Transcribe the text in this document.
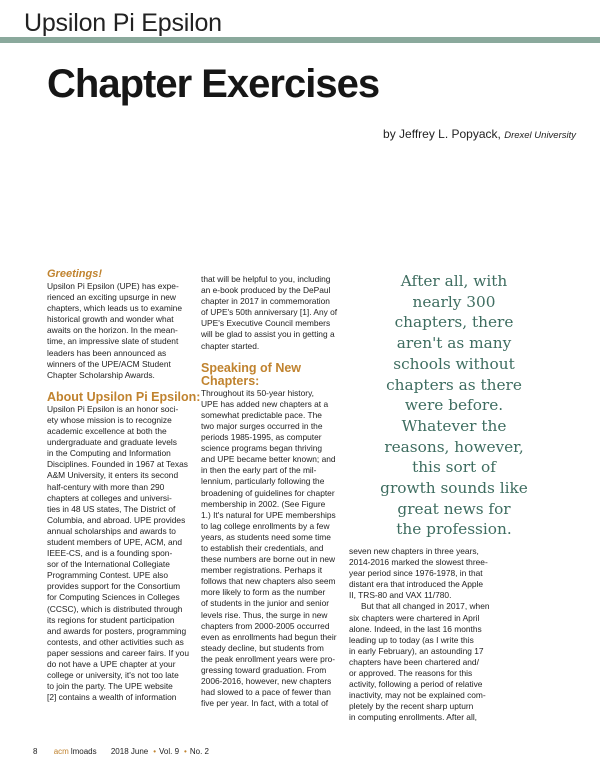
Upsilon Pi Epsilon
Chapter Exercises
by Jeffrey L. Popyack, Drexel University

Greetings!

Upsilon Pi Epsilon (UPE) has expe-
rienced an exciting upsurge in new
chapters, which leads us to examine
historical growth and wonder what
awaits on the horizon. In the mean-
time, an impressive slate of student
leaders has been announced as
winners of the UPE/ACM Student
Chapter Scholarship Awards.

About Upsilon Pi Epsilon:

Upsilon Pi Epsilon is an honor soci-
ety whose mission is to recognize
academic excellence at both the
undergraduate and graduate levels
in the Computing and Information
Disciplines. Founded in 1967 at Texas
A&M University, it enters its second
half-century with more than 290
chapters at colleges and universi-
ties in 48 US states, The District of
Columbia, and abroad. UPE provides
annual scholarships and awards to
student members of UPE, ACM, and
IEEE-CS, and is a founding spon-
sor of the International Collegiate
Programming Contest. UPE also
provides support for the Consortium
for Computing Sciences in Colleges
(CCSC), which is distributed through
its regions for student participation
and awards for posters, programming
contests, and other activities such as
paper sessions and career fairs. If you
do not have a UPE chapter at your
college or university, it's not too late
to join the party. The UPE website
[2] contains a wealth of information
that will be helpful to you, including
an e-book produced by the DePaul
chapter in 2017 in commemoration
of UPE's 50th anniversary [1]. Any of
UPE's Executive Council members
will be glad to assist you in getting a
chapter started.

Speaking of New
Chapters:

Throughout its 50-year history,
UPE has added new chapters at a
somewhat predictable pace. The
two major surges occurred in the
periods 1985-1995, as computer
science programs began thriving
and UPE became better known; and
in then the early part of the mil-
lennium, particularly following the
broadening of guidelines for chapter
membership in 2002. (See Figure
1.) It's natural for UPE memberships
to lag college enrollments by a few
years, as students need some time
to establish their credentials, and
these numbers are borne out in new
member registrations. Perhaps it
follows that new chapters also seem
more likely to form as the number
of students in the junior and senior
levels rise. Thus, the surge in new
chapters from 2000-2005 occurred
even as enrollments had begun their
steady decline, but students from
the peak enrollment years were pro-
gressing toward graduation. From
2006-2016, however, new chapters
had slowed to a pace of fewer than
five per year. In fact, with a total of
After all, with
nearly 300
chapters, there
aren't as many
schools without
chapters as there
were before.
Whatever the
reasons, however,
this sort of
growth sounds like
great news for
the profession.
seven new chapters in three years,
2014-2016 marked the slowest three-
year period since 1976-1978, in that
distant era that introduced the Apple
II, TRS-80 and VAX 11/780.
But that all changed in 2017, when
six chapters were chartered in April
alone. Indeed, in the last 16 months
leading up to today (as I write this
in early February), an astounding 17
chapters have been chartered and/
or approved. The reasons for this
activity, following a period of relative
inactivity, may not be explained com-
pletely by the recent sharp upturn
in computing enrollments. After all,
8 acm lmoads 2018 June • Vol. 9 • No. 2
